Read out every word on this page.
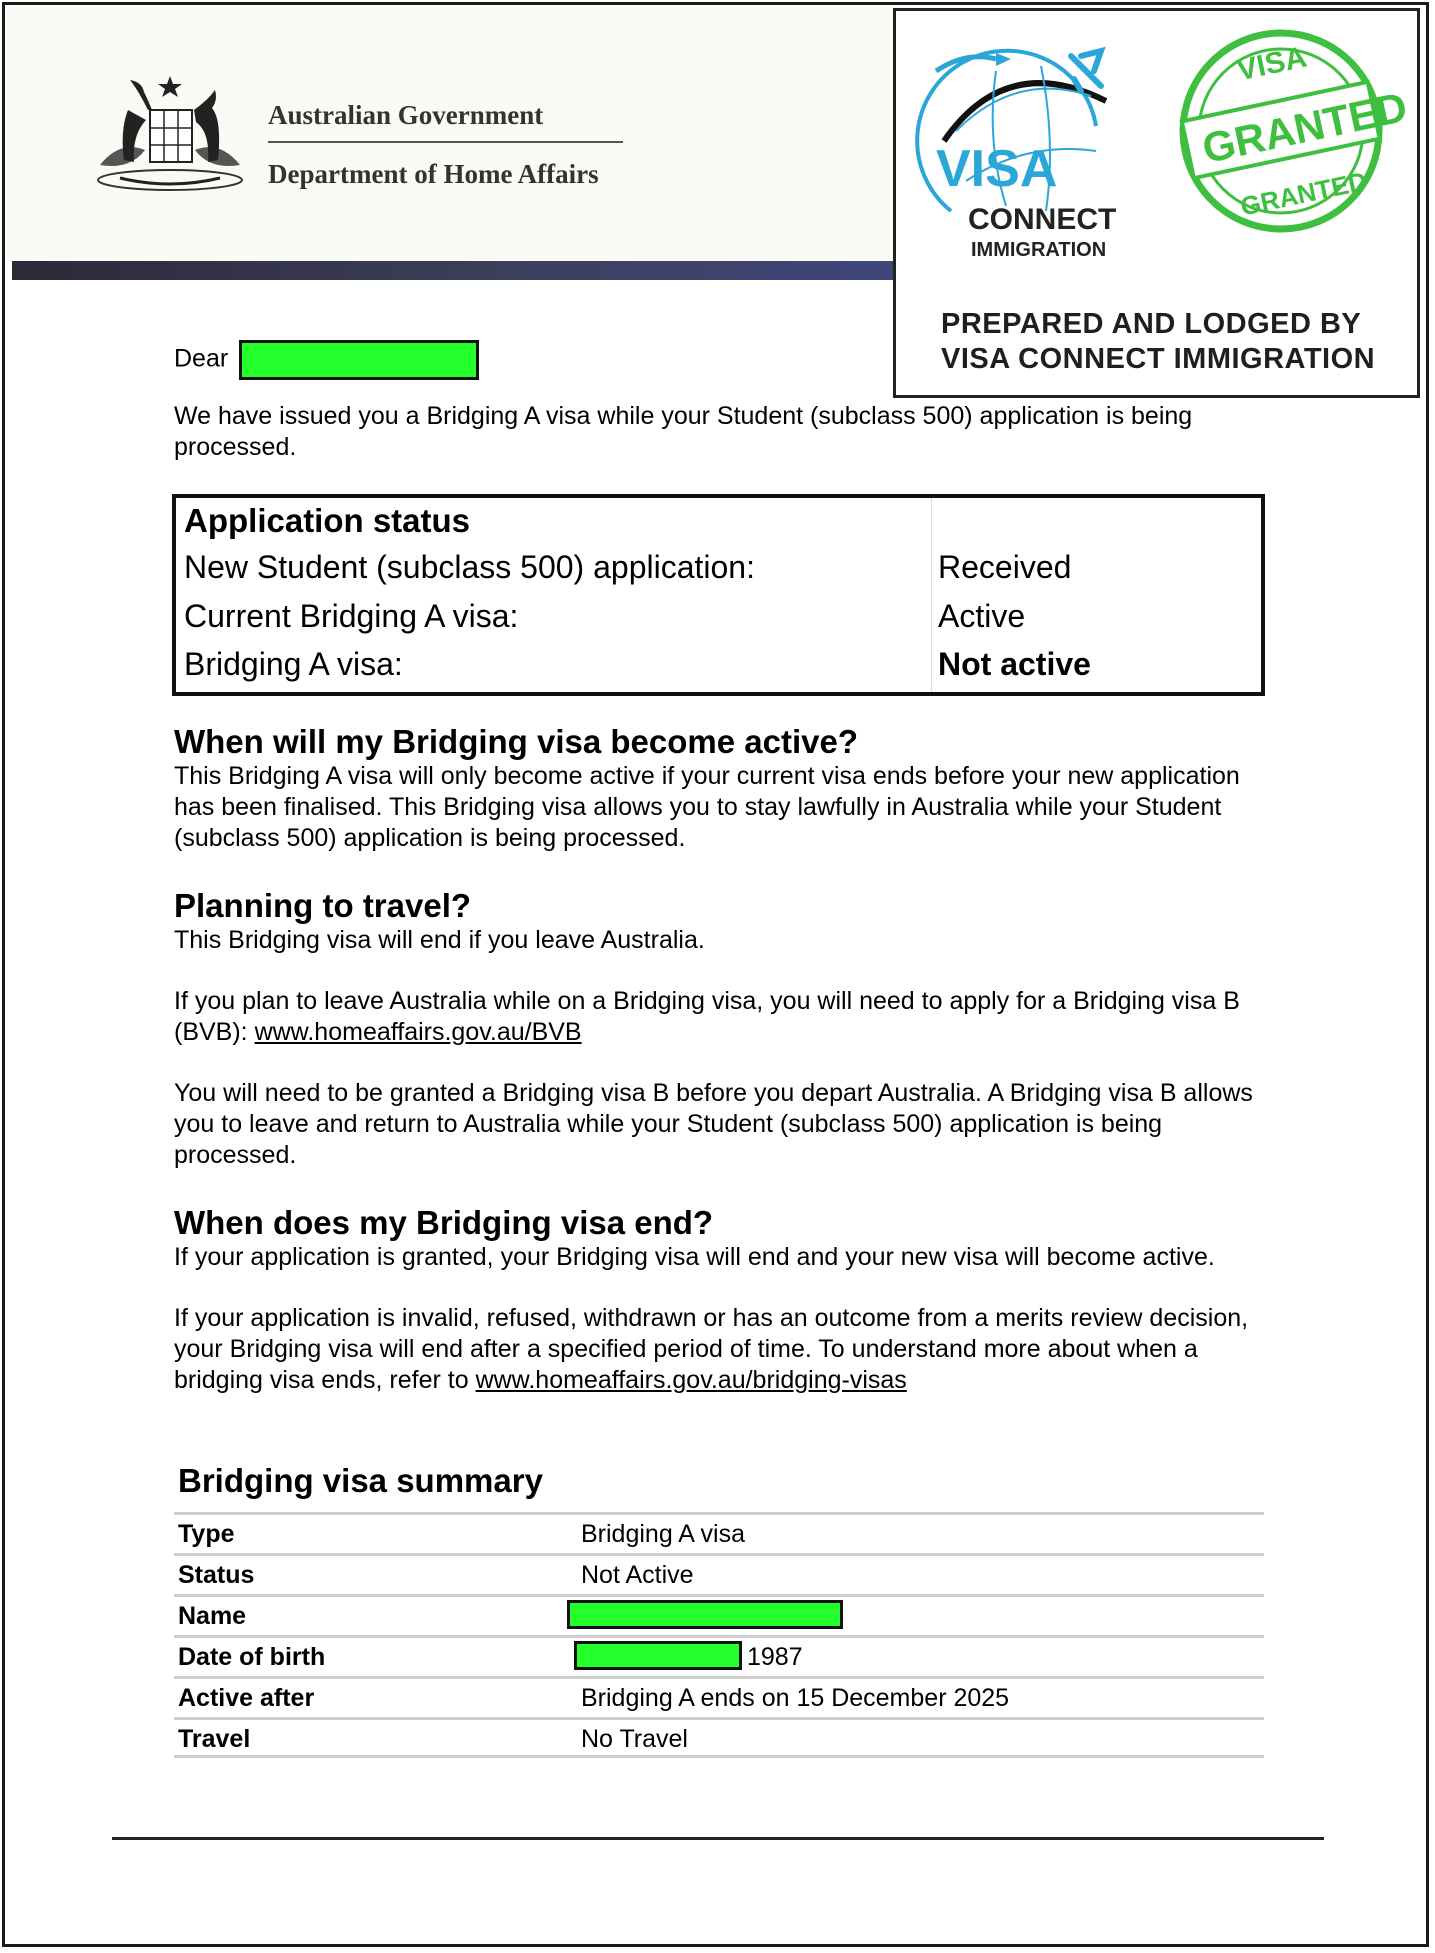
Australian Government
Department of Home Affairs	VISA
CONNECT
IMMIGRATION
VISA
GRANTED
GRANTED
PREPARED AND LODGED BY
VISA CONNECT IMMIGRATION
Dear

We have issued you a Bridging A visa while your Student (subclass 500) application is being processed.

Application status
New Student (subclass 500) application:	Received
Current Bridging A visa:	Active
Bridging A visa:	Not active

When will my Bridging visa become active?

This Bridging A visa will only become active if your current visa ends before your new application has been finalised. This Bridging visa allows you to stay lawfully in Australia while your Student (subclass 500) application is being processed.

Planning to travel?

This Bridging visa will end if you leave Australia.

If you plan to leave Australia while on a Bridging visa, you will need to apply for a Bridging visa B (BVB): www.homeaffairs.gov.au/BVB

You will need to be granted a Bridging visa B before you depart Australia. A Bridging visa B allows you to leave and return to Australia while your Student (subclass 500) application is being processed.

When does my Bridging visa end?

If your application is granted, your Bridging visa will end and your new visa will become active.

If your application is invalid, refused, withdrawn or has an outcome from a merits review decision, your Bridging visa will end after a specified period of time. To understand more about when a bridging visa ends, refer to www.homeaffairs.gov.au/bridging-visas

Bridging visa summary
Type	Bridging A visa
Status	Not Active
Name
Date of birth	1987
Active after	Bridging A ends on 15 December 2025
Travel	No Travel
